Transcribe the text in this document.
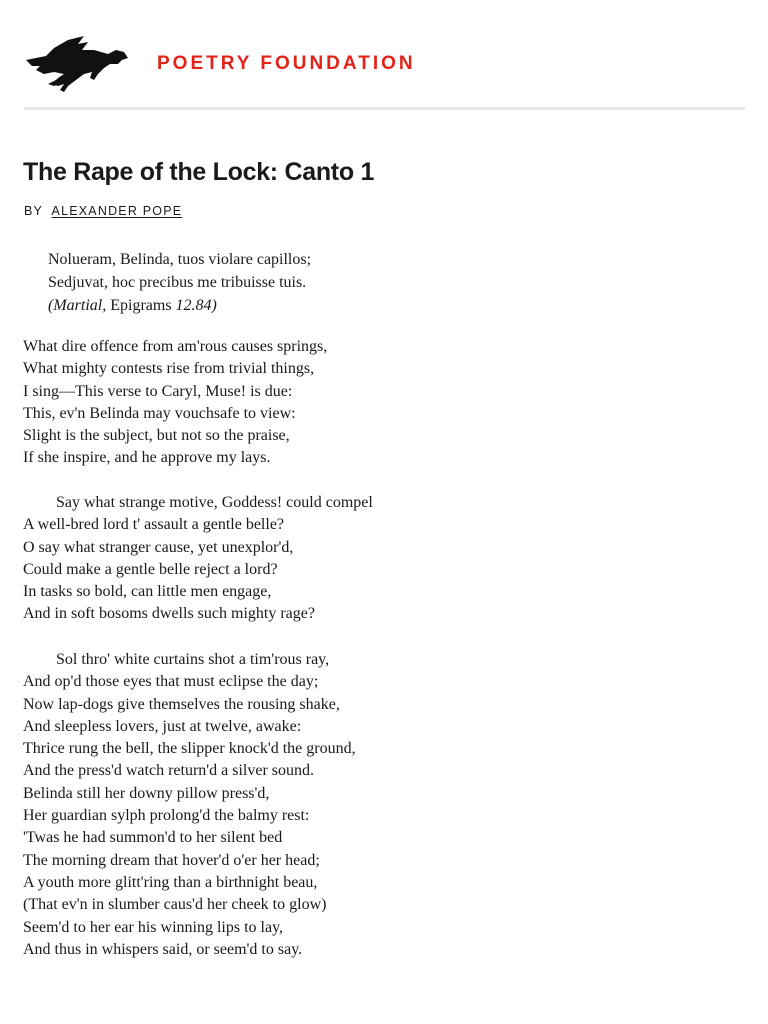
POETRY FOUNDATION
The Rape of the Lock: Canto 1
BY ALEXANDER POPE
Nolueram, Belinda, tuos violare capillos;
Sedjuvat, hoc precibus me tribuisse tuis.
(Martial, Epigrams 12.84)
What dire offence from am'rous causes springs,
What mighty contests rise from trivial things,
I sing—This verse to Caryl, Muse! is due:
This, ev'n Belinda may vouchsafe to view:
Slight is the subject, but not so the praise,
If she inspire, and he approve my lays.
Say what strange motive, Goddess! could compel
A well-bred lord t' assault a gentle belle?
O say what stranger cause, yet unexplor'd,
Could make a gentle belle reject a lord?
In tasks so bold, can little men engage,
And in soft bosoms dwells such mighty rage?
Sol thro' white curtains shot a tim'rous ray,
And op'd those eyes that must eclipse the day;
Now lap-dogs give themselves the rousing shake,
And sleepless lovers, just at twelve, awake:
Thrice rung the bell, the slipper knock'd the ground,
And the press'd watch return'd a silver sound.
Belinda still her downy pillow press'd,
Her guardian sylph prolong'd the balmy rest:
'Twas he had summon'd to her silent bed
The morning dream that hover'd o'er her head;
A youth more glitt'ring than a birthnight beau,
(That ev'n in slumber caus'd her cheek to glow)
Seem'd to her ear his winning lips to lay,
And thus in whispers said, or seem'd to say.
